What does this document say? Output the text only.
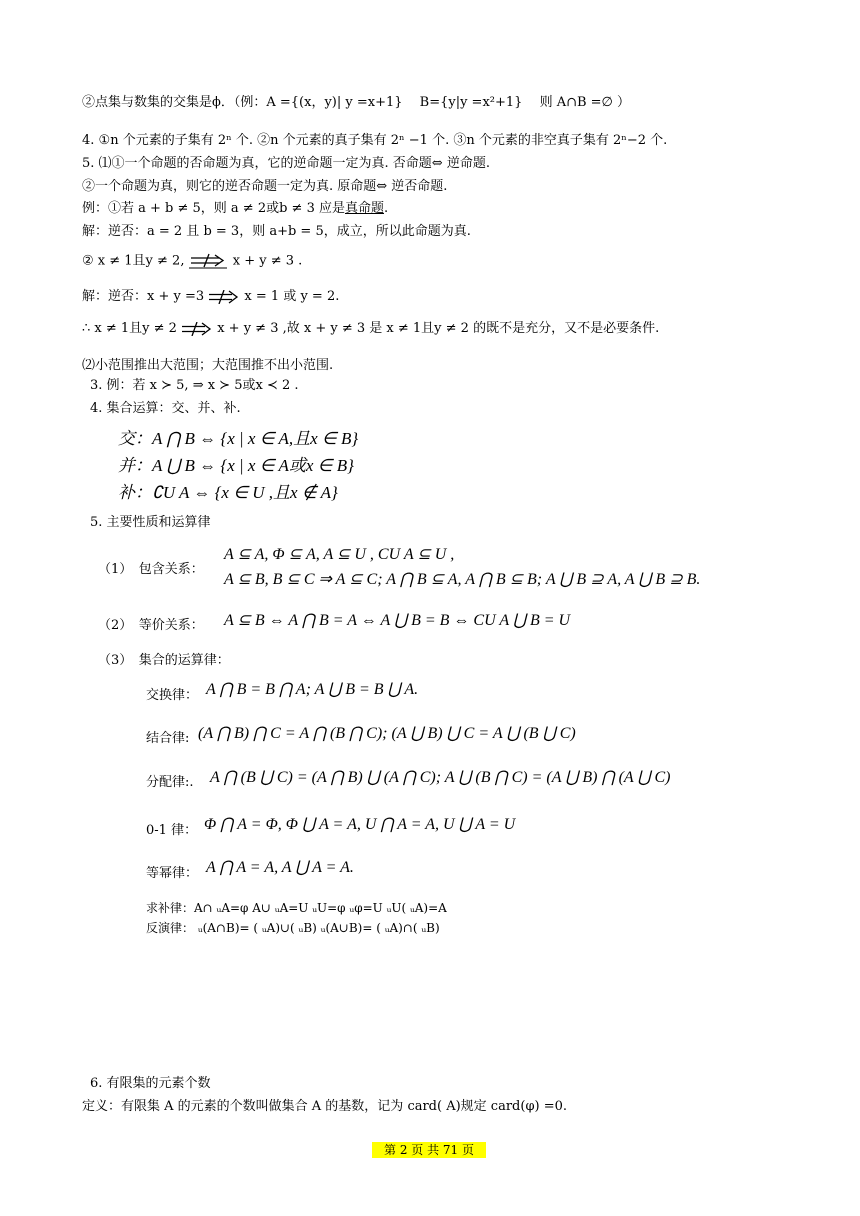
②点集与数集的交集是ϕ．（例：A ={(x，y)| y =x+1}　 B={y|y =x²+1}　 则 A∩B =∅ ）
4. ①n 个元素的子集有 2ⁿ 个. ②n 个元素的真子集有 2ⁿ −1 个. ③n 个元素的非空真子集有 2ⁿ−2 个.
5. ⑴①一个命题的否命题为真，它的逆命题一定为真. 否命题⇔ 逆命题.
②一个命题为真，则它的逆否命题一定为真. 原命题⇔ 逆否命题.
例：①若 a + b ≠ 5，则 a ≠ 2或b ≠ 3 应是真命题.
解：逆否：a = 2 且 b = 3，则 a+b = 5，成立，所以此命题为真.
② x ≠ 1且y ≠ 2,	x + y ≠ 3 .
解：逆否：x + y =3	x = 1 或 y = 2.
∴ x ≠ 1且y ≠ 2	x + y ≠ 3 ,故 x + y ≠ 3 是 x ≠ 1且y ≠ 2 的既不是充分，又不是必要条件.
⑵小范围推出大范围；大范围推不出小范围.
3. 例：若 x ≻ 5, ⇒ x ≻ 5或x ≺ 2 .
4. 集合运算：交、并、补.
交：A ⋂ B ⇔ {x | x ∈ A,且x ∈ B}
并：A ⋃ B ⇔ {x | x ∈ A或x ∈ B}
补：∁U A ⇔ {x ∈ U ,且x ∉ A}
5. 主要性质和运算律
（1）　包含关系：
A ⊆ A, Φ ⊆ A, A ⊆ U , CU A ⊆ U ,
A ⊆ B, B ⊆ C ⇒ A ⊆ C; A ⋂ B ⊆ A, A ⋂ B ⊆ B; A ⋃ B ⊇ A, A ⋃ B ⊇ B.
（2）　等价关系： A ⊆ B ⇔ A ⋂ B = A ⇔ A ⋃ B = B ⇔ CU A ⋃ B = U
（3）　集合的运算律：
交换律： A ⋂ B = B ⋂ A; A ⋃ B = B ⋃ A.
结合律: (A ⋂ B) ⋂ C = A ⋂ (B ⋂ C); (A ⋃ B) ⋃ C = A ⋃ (B ⋃ C)
分配律:. A ⋂ (B ⋃ C) = (A ⋂ B) ⋃ (A ⋂ C); A ⋃ (B ⋂ C) = (A ⋃ B) ⋂ (A ⋃ C)
0-1 律： Φ ⋂ A = Φ, Φ ⋃ A = A, U ⋂ A = A, U ⋃ A = U
等幂律： A ⋂ A = A, A ⋃ A = A.
求补律：A∩ ᵤA=φ A∪ ᵤA=U ᵤU=φ ᵤφ=U ᵤU( ᵤA)=A
反演律： ᵤ(A∩B)= ( ᵤA)∪( ᵤB) ᵤ(A∪B)= ( ᵤA)∩( ᵤB)
6. 有限集的元素个数
定义：有限集 A 的元素的个数叫做集合 A 的基数，记为 card( A)规定 card(φ) =0.
第 2 页 共 71 页
